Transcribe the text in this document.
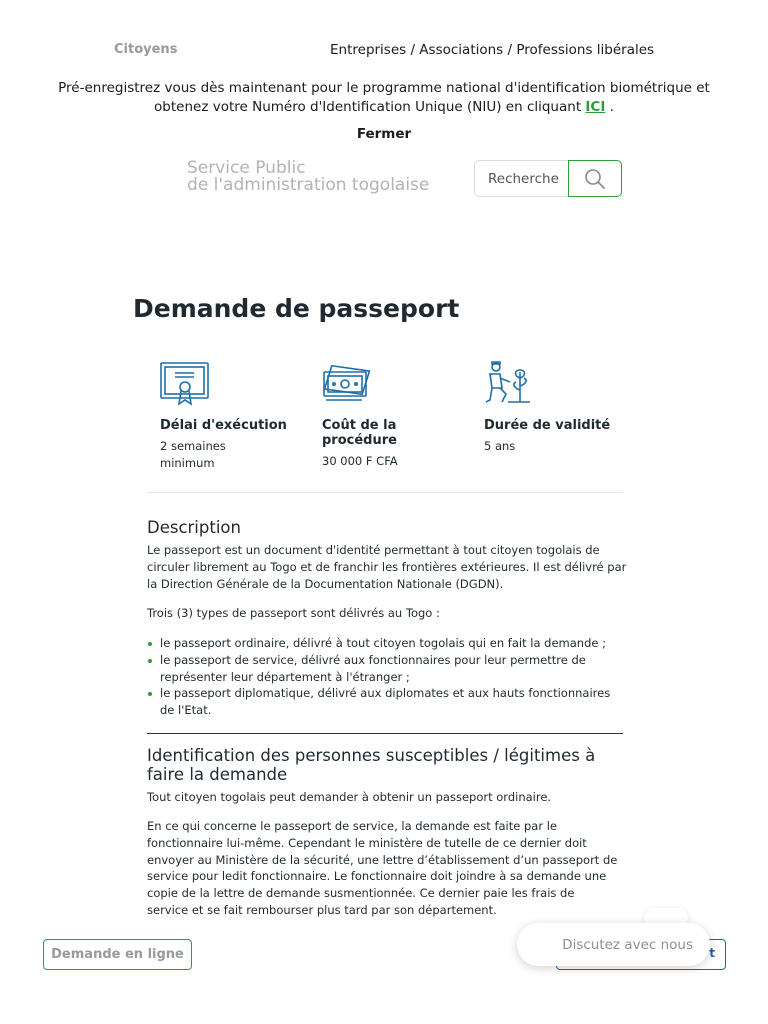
Citoyens	Entreprises / Associations / Professions libérales
Pré-enregistrez vous dès maintenant pour le programme national d'identification biométrique et obtenez votre Numéro d'Identification Unique (NIU) en cliquant ICI .
Fermer
Service Public
de l'administration togolaise
Recherche
Demande de passeport
Délai d'exécution
2 semaines minimum
Coût de la procédure
30 000 F CFA
Durée de validité
5 ans
Description
Le passeport est un document d'identité permettant à tout citoyen togolais de circuler librement au Togo et de franchir les frontières extérieures. Il est délivré par la Direction Générale de la Documentation Nationale (DGDN).
Trois (3) types de passeport sont délivrés au Togo :
le passeport ordinaire, délivré à tout citoyen togolais qui en fait la demande ;
le passeport de service, délivré aux fonctionnaires pour leur permettre de représenter leur département à l'étranger ;
le passeport diplomatique, délivré aux diplomates et aux hauts fonctionnaires de l'Etat.
Identification des personnes susceptibles / légitimes à faire la demande
Tout citoyen togolais peut demander à obtenir un passeport ordinaire.
En ce qui concerne le passeport de service, la demande est faite par le fonctionnaire lui-même. Cependant le ministère de tutelle de ce dernier doit envoyer au Ministère de la sécurité, une lettre d’établissement d’un passeport de service pour ledit fonctionnaire. Le fonctionnaire doit joindre à sa demande une copie de la lettre de demande susmentionnée. Ce dernier paie les frais de service et se fait rembourser plus tard par son département.
Demande en ligne	t
Discutez avec nous
